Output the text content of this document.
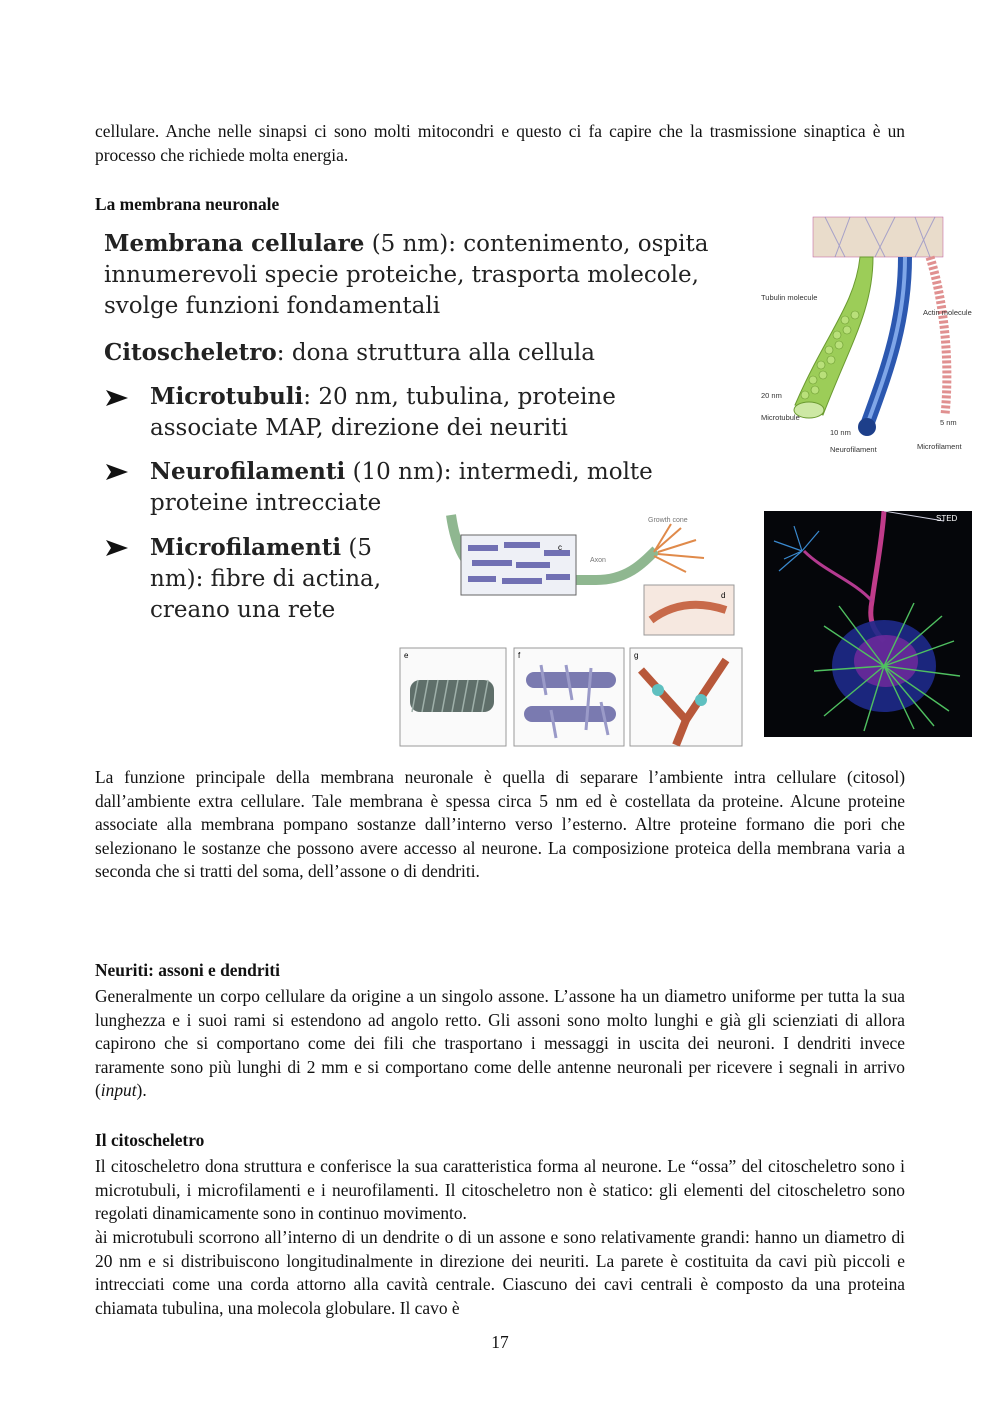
cellulare. Anche nelle sinapsi ci sono molti mitocondri e questo ci fa capire che la trasmissione sinaptica è un processo che richiede molta energia.

La membrana neuronale

Membrana cellulare (5 nm): contenimento, ospita innumerevoli specie proteiche, trasporta molecole, svolge funzioni fondamentali
Citoscheletro: dona struttura alla cellula
Microtubuli: 20 nm, tubulina, proteine associate MAP, direzione dei neuriti
Neurofilamenti (10 nm): intermedi, molte proteine intrecciate
Microfilamenti (5 nm): fibre di actina, creano una rete
Tubulin molecule
Actin molecule
20 nm
10 nm
5 nm
Microtubule
Neurofilament	Microfilament
c
Axon
Growth cone
d
e	f	g
STED

La funzione principale della membrana neuronale è quella di separare l’ambiente intra cellulare (citosol) dall’ambiente extra cellulare. Tale membrana è spessa circa 5 nm ed è costellata da proteine. Alcune proteine associate alla membrana pompano sostanze dall’interno verso l’esterno. Altre proteine formano die pori che selezionano le sostanze che possono avere accesso al neurone. La composizione proteica della membrana varia a seconda che si tratti del soma, dell’assone o di dendriti.

Neuriti: assoni e dendriti

Generalmente un corpo cellulare da origine a un singolo assone. L’assone ha un diametro uniforme per tutta la sua lunghezza e i suoi rami si estendono ad angolo retto. Gli assoni sono molto lunghi e già gli scienziati di allora capirono che si comportano come dei fili che trasportano i messaggi in uscita dei neuroni. I dendriti invece raramente sono più lunghi di 2 mm e si comportano come delle antenne neuronali per ricevere i segnali in arrivo (input).

Il citoscheletro

Il citoscheletro dona struttura e conferisce la sua caratteristica forma al neurone. Le “ossa” del citoscheletro sono i microtubuli, i microfilamenti e i neurofilamenti. Il citoscheletro non è statico: gli elementi del citoscheletro sono regolati dinamicamente sono in continuo movimento.

ài microtubuli scorrono all’interno di un dendrite o di un assone e sono relativamente grandi: hanno un diametro di 20 nm e si distribuiscono longitudinalmente in direzione dei neuriti. La parete è costituita da cavi più piccoli e intrecciati come una corda attorno alla cavità centrale. Ciascuno dei cavi centrali è composto da una proteina chiamata tubulina, una molecola globulare. Il cavo è

17
